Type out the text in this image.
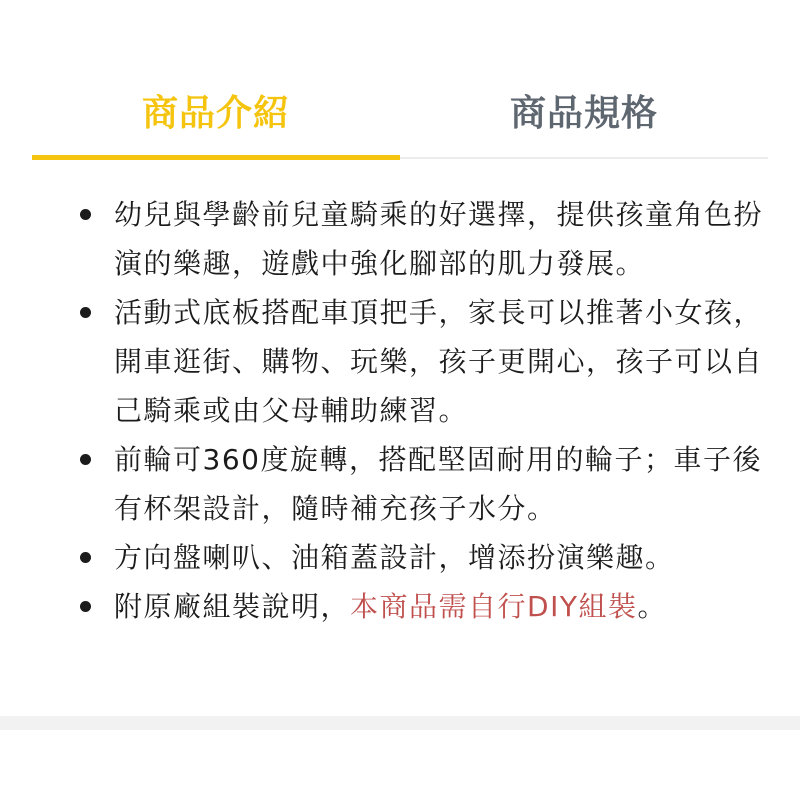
商品介紹	商品規格
幼兒與學齡前兒童騎乘的好選擇，提供孩童角色扮演的樂趣，遊戲中強化腳部的肌力發展。
活動式底板搭配車頂把手，家長可以推著小女孩，開車逛街、購物、玩樂，孩子更開心，孩子可以自己騎乘或由父母輔助練習。
前輪可360度旋轉，搭配堅固耐用的輪子；車子後有杯架設計，隨時補充孩子水分。
方向盤喇叭、油箱蓋設計，增添扮演樂趣。
附原廠組裝說明，本商品需自行DIY組裝。
